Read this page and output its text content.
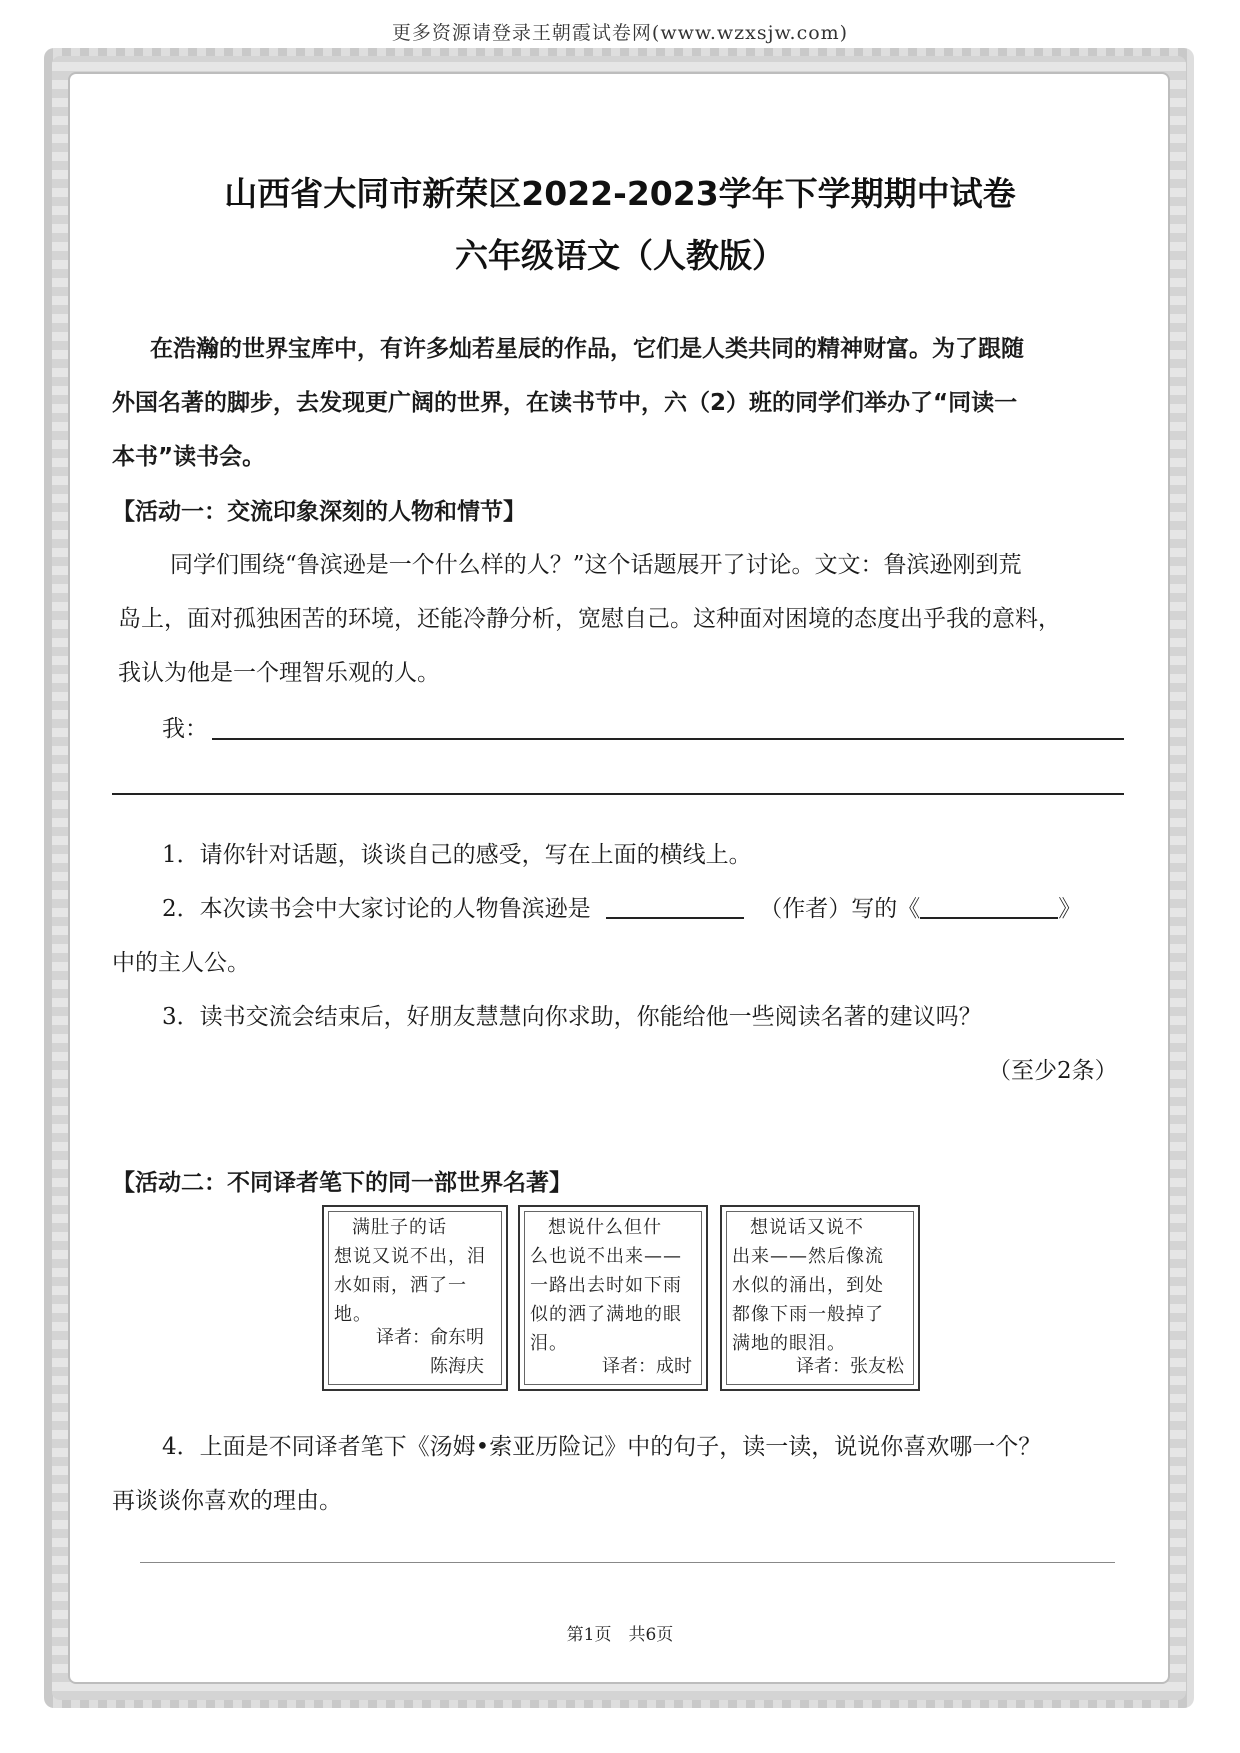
更多资源请登录王朝霞试卷网(www.wzxsjw.com)
山西省大同市新荣区2022-2023学年下学期期中试卷
六年级语文（人教版）
在浩瀚的世界宝库中，有许多灿若星辰的作品，它们是人类共同的精神财富。为了跟随
外国名著的脚步，去发现更广阔的世界，在读书节中，六（2）班的同学们举办了“同读一
本书”读书会。
【活动一：交流印象深刻的人物和情节】
同学们围绕“鲁滨逊是一个什么样的人？”这个话题展开了讨论。文文：鲁滨逊刚到荒
岛上，面对孤独困苦的环境，还能冷静分析，宽慰自己。这种面对困境的态度出乎我的意料，
我认为他是一个理智乐观的人。
我：
1．请你针对话题，谈谈自己的感受，写在上面的横线上。
2．本次读书会中大家讨论的人物鲁滨逊是	（作者）写的《	》
中的主人公。
3．读书交流会结束后，好朋友慧慧向你求助，你能给他一些阅读名著的建议吗？
（至少2条）
【活动二：不同译者笔下的同一部世界名著】
满肚子的话
想说又说不出，泪
水如雨，洒了一
地。
译者：俞东明
陈海庆
想说什么但什
么也说不出来——
一路出去时如下雨
似的洒了满地的眼
泪。
译者：成时
想说话又说不
出来——然后像流
水似的涌出，到处
都像下雨一般掉了
满地的眼泪。
译者：张友松
4．上面是不同译者笔下《汤姆•索亚历险记》中的句子，读一读，说说你喜欢哪一个？
再谈谈你喜欢的理由。
第1页　共6页
